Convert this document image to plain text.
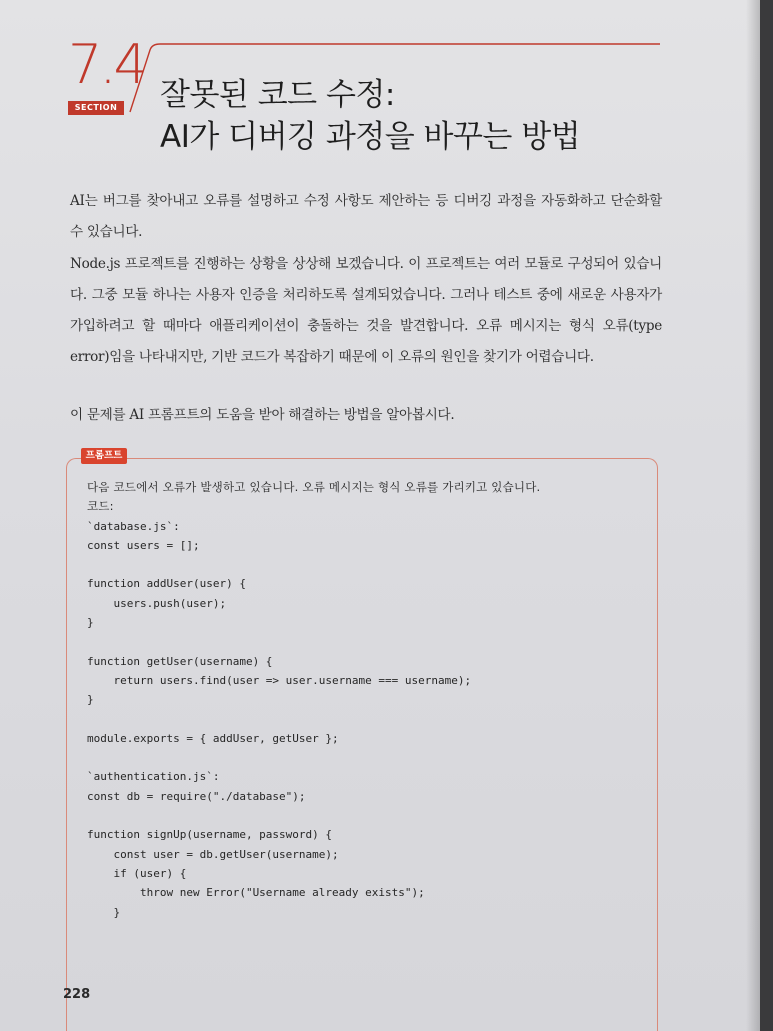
7.4
SECTION 잘못된 코드 수정:
AI가 디버깅 과정을 바꾸는 방법

AI는 버그를 찾아내고 오류를 설명하고 수정 사항도 제안하는 등 디버깅 과정을 자동화하고 단순화할 수 있습니다.

Node.js 프로젝트를 진행하는 상황을 상상해 보겠습니다. 이 프로젝트는 여러 모듈로 구성되어 있습니다. 그중 모듈 하나는 사용자 인증을 처리하도록 설계되었습니다. 그러나 테스트 중에 새로운 사용자가 가입하려고 할 때마다 애플리케이션이 충돌하는 것을 발견합니다. 오류 메시지는 형식 오류(type error)임을 나타내지만, 기반 코드가 복잡하기 때문에 이 오류의 원인을 찾기가 어렵습니다.

이 문제를 AI 프롬프트의 도움을 받아 해결하는 방법을 알아봅시다.

프롬프트
다음 코드에서 오류가 발생하고 있습니다. 오류 메시지는 형식 오류를 가리키고 있습니다.
코드:
`database.js`:
const users = [];
function addUser(user) {
users.push(user);
}
function getUser(username) {
return users.find(user => user.username === username);
}
module.exports = { addUser, getUser };
`authentication.js`:
const db = require("./database");
function signUp(username, password) {
const user = db.getUser(username);
if (user) {
throw new Error("Username already exists");
}
228
